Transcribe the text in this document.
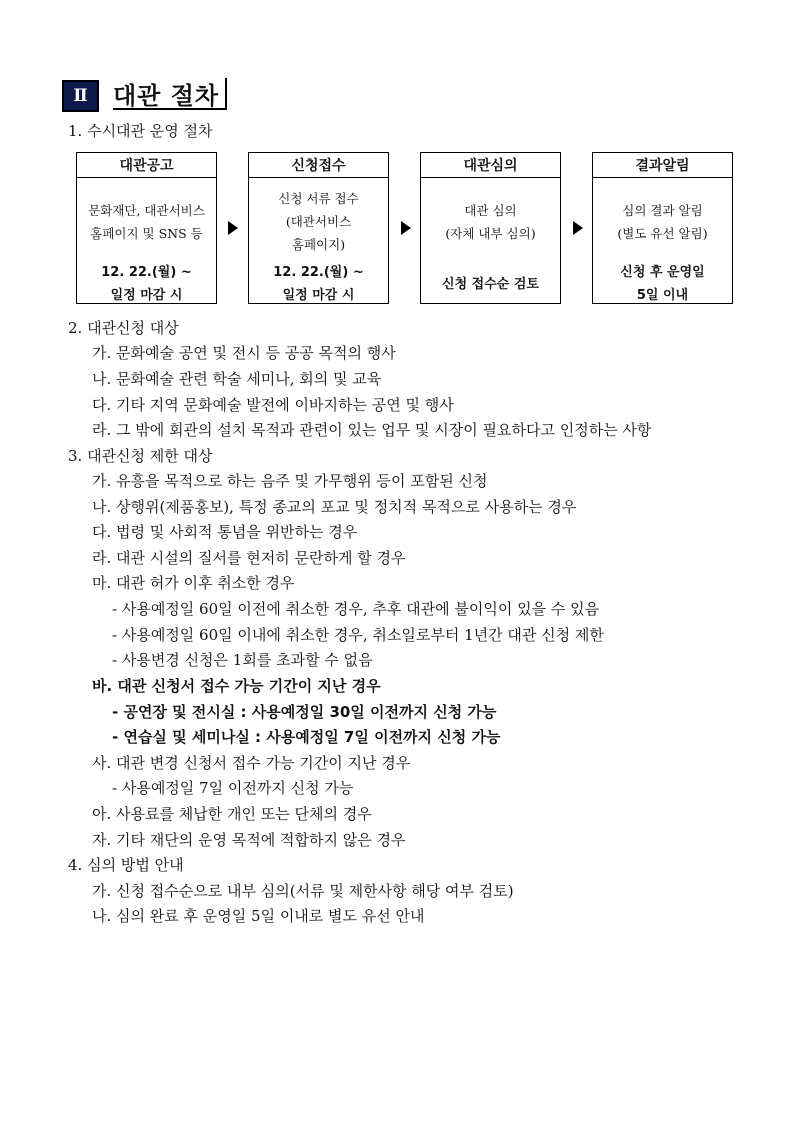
Ⅱ	대관 절차
1. 수시대관 운영 절차
대관공고
문화재단, 대관서비스
홈페이지 및 SNS 등
12. 22.(월) ~
일정 마감 시
신청접수
신청 서류 접수
(대관서비스
홈페이지)
12. 22.(월) ~
일정 마감 시
대관심의
대관 심의
(자체 내부 심의)
신청 접수순 검토
결과알림
심의 결과 알림
(별도 유선 알림)
신청 후 운영일
5일 이내
2. 대관신청 대상
가. 문화예술 공연 및 전시 등 공공 목적의 행사
나. 문화예술 관련 학술 세미나, 회의 및 교육
다. 기타 지역 문화예술 발전에 이바지하는 공연 및 행사
라. 그 밖에 회관의 설치 목적과 관련이 있는 업무 및 시장이 필요하다고 인정하는 사항
3. 대관신청 제한 대상
가. 유흥을 목적으로 하는 음주 및 가무행위 등이 포함된 신청
나. 상행위(제품홍보), 특정 종교의 포교 및 정치적 목적으로 사용하는 경우
다. 법령 및 사회적 통념을 위반하는 경우
라. 대관 시설의 질서를 현저히 문란하게 할 경우
마. 대관 허가 이후 취소한 경우
- 사용예정일 60일 이전에 취소한 경우, 추후 대관에 불이익이 있을 수 있음
- 사용예정일 60일 이내에 취소한 경우, 취소일로부터 1년간 대관 신청 제한
- 사용변경 신청은 1회를 초과할 수 없음
바. 대관 신청서 접수 가능 기간이 지난 경우
- 공연장 및 전시실 : 사용예정일 30일 이전까지 신청 가능
- 연습실 및 세미나실 : 사용예정일 7일 이전까지 신청 가능
사. 대관 변경 신청서 접수 가능 기간이 지난 경우
- 사용예정일 7일 이전까지 신청 가능
아. 사용료를 체납한 개인 또는 단체의 경우
자. 기타 재단의 운영 목적에 적합하지 않은 경우
4. 심의 방법 안내
가. 신청 접수순으로 내부 심의(서류 및 제한사항 해당 여부 검토)
나. 심의 완료 후 운영일 5일 이내로 별도 유선 안내
